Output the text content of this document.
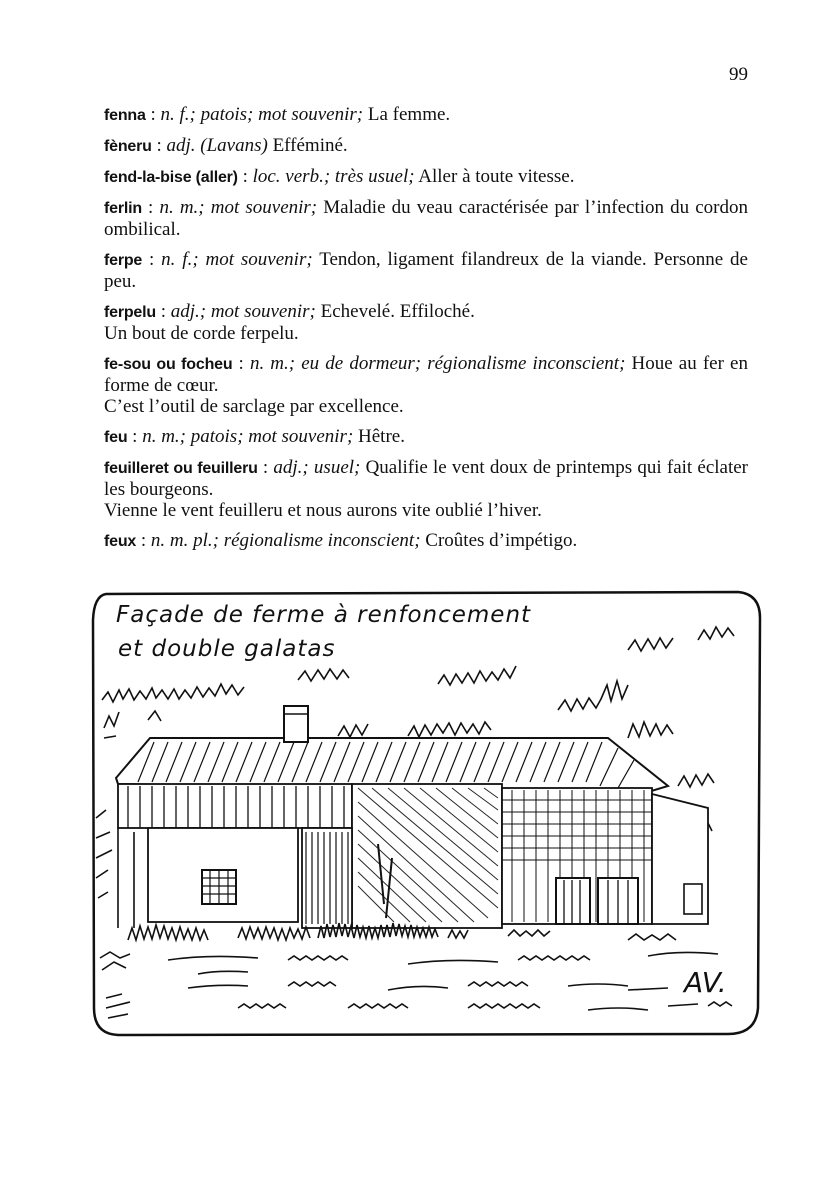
99

fenna : n. f.; patois; mot souvenir; La femme.

fèneru : adj. (Lavans) Efféminé.

fend-la-bise (aller) : loc. verb.; très usuel; Aller à toute vitesse.

ferlin : n. m.; mot souvenir; Maladie du veau caractérisée par l’infection du cordon ombilical.

ferpe : n. f.; mot souvenir; Tendon, ligament filandreux de la viande. Personne de peu.

ferpelu : adj.; mot souvenir; Echevelé. Effiloché.
Un bout de corde ferpelu.

fe-sou ou focheu : n. m.; eu de dormeur; régionalisme inconscient; Houe au fer en forme de cœur.
C’est l’outil de sarclage par excellence.

feu : n. m.; patois; mot souvenir; Hêtre.

feuilleret ou feuilleru : adj.; usuel; Qualifie le vent doux de printemps qui fait éclater les bourgeons.
Vienne le vent feuilleru et nous aurons vite oublié l’hiver.

feux : n. m. pl.; régionalisme inconscient; Croûtes d’impétigo.

Façade de ferme à renfoncement
et double galatas
AV.
